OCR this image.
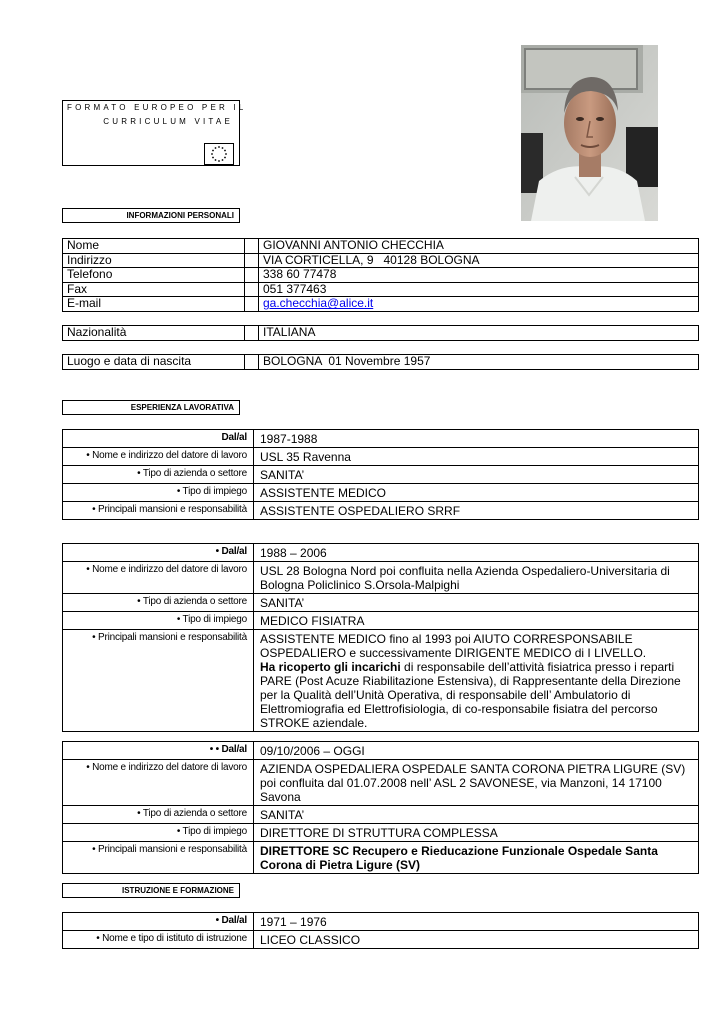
FORMATO EUROPEO PER IL
CURRICULUM VITAE
INFORMAZIONI PERSONALI
Nome		GIOVANNI ANTONIO CHECCHIA
Indirizzo		VIA CORTICELLA, 9   40128 BOLOGNA
Telefono		338 60 77478
Fax		051 377463
E-mail		ga.checchia@alice.it
Nazionalità		ITALIANA
Luogo e data di nascita		BOLOGNA  01 Novembre 1957
ESPERIENZA LAVORATIVA
Dal/al	1987-1988
• Nome e indirizzo del datore di lavoro	USL 35 Ravenna
• Tipo di azienda o settore	SANITA’
• Tipo di impiego	ASSISTENTE MEDICO
• Principali mansioni e responsabilità	ASSISTENTE OSPEDALIERO SRRF
• Dal/al	1988 – 2006
• Nome e indirizzo del datore di lavoro	USL 28 Bologna Nord poi confluita nella Azienda Ospedaliero-Universitaria di Bologna Policlinico S.Orsola-Malpighi
• Tipo di azienda o settore	SANITA’
• Tipo di impiego	MEDICO FISIATRA
• Principali mansioni e responsabilità	ASSISTENTE MEDICO fino al 1993 poi AIUTO CORRESPONSABILE OSPEDALIERO e successivamente DIRIGENTE MEDICO di I LIVELLO.
Ha ricoperto gli incarichi di responsabile dell’attività fisiatrica presso i reparti PARE (Post Acuze Riabilitazione Estensiva), di Rappresentante della Direzione per la Qualità dell’Unità Operativa, di responsabile dell’ Ambulatorio di Elettromiografia ed Elettrofisiologia, di co-responsabile fisiatra del percorso STROKE aziendale.
• • Dal/al	09/10/2006 – OGGI
• Nome e indirizzo del datore di lavoro	AZIENDA OSPEDALIERA OSPEDALE SANTA CORONA PIETRA LIGURE (SV) poi confluita dal 01.07.2008 nell’ ASL 2 SAVONESE, via Manzoni, 14 17100 Savona
• Tipo di azienda o settore	SANITA’
• Tipo di impiego	DIRETTORE DI STRUTTURA COMPLESSA
• Principali mansioni e responsabilità	DIRETTORE SC Recupero e Rieducazione Funzionale Ospedale Santa Corona di Pietra Ligure (SV)
ISTRUZIONE E FORMAZIONE
• Dal/al	1971 – 1976
• Nome e tipo di istituto di istruzione	LICEO CLASSICO
